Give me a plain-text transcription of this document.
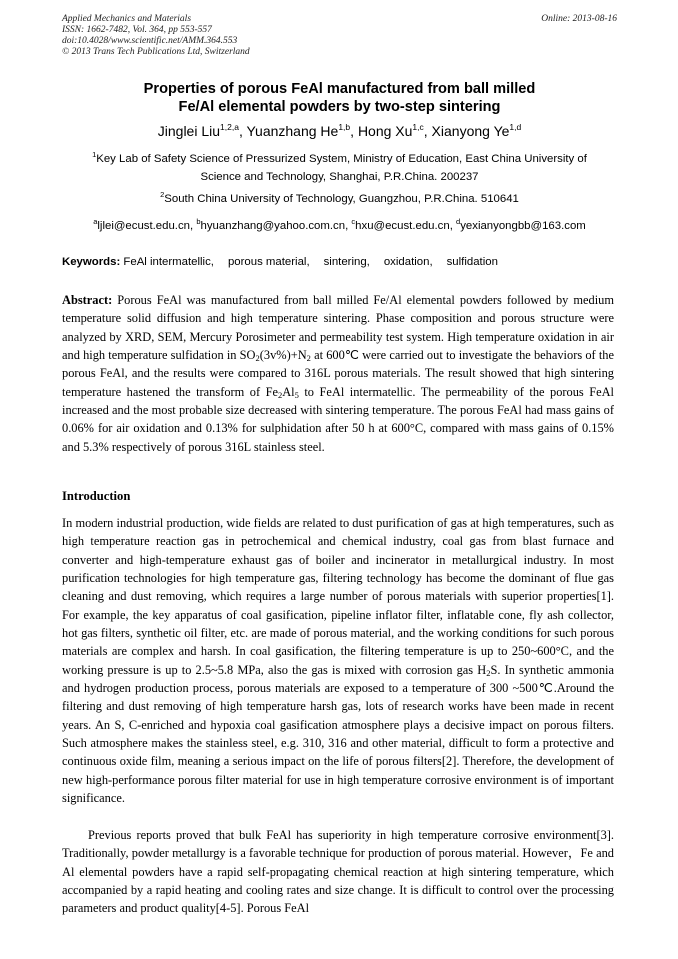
Applied Mechanics and Materials	Online: 2013-08-16
ISSN: 1662-7482, Vol. 364, pp 553-557
doi:10.4028/www.scientific.net/AMM.364.553
© 2013 Trans Tech Publications Ltd, Switzerland
Properties of porous FeAl manufactured from ball milled
Fe/Al elemental powders by two-step sintering
Jinglei Liu$^{1,2,a}$, Yuanzhang He$^{1,b}$, Hong Xu$^{1,c}$, Xianyong Ye$^{1,d}$
$^1$Key Lab of Safety Science of Pressurized System, Ministry of Education, East China University of
Science and Technology, Shanghai, P.R.China. 200237
$^2$South China University of Technology, Guangzhou, P.R.China. 510641
$^a$ljlei@ecust.edu.cn, $^b$hyuanzhang@yahoo.com.cn, $^c$hxu@ecust.edu.cn, $^d$yexianyongbb@163.com
Keywords: FeAl intermatellic, porous material, sintering, oxidation, sulfidation
Abstract: Porous FeAl was manufactured from ball milled Fe/Al elemental powders followed by medium temperature solid diffusion and high temperature sintering. Phase composition and porous structure were analyzed by XRD, SEM, Mercury Porosimeter and permeability test system. High temperature oxidation in air and high temperature sulfidation in $SO_2(3v\%)+N_2$ at 600℃ were carried out to investigate the behaviors of the porous FeAl, and the results were compared to 316L porous materials. The result showed that high sintering temperature hastened the transform of $Fe_2Al_5$ to FeAl intermatellic. The permeability of the porous FeAl increased and the most probable size decreased with sintering temperature. The porous FeAl had mass gains of 0.06% for air oxidation and 0.13% for sulphidation after 50 h at 600°C, compared with mass gains of 0.15% and 5.3% respectively of porous 316L stainless steel.
Introduction
In modern industrial production, wide fields are related to dust purification of gas at high temperatures, such as high temperature reaction gas in petrochemical and chemical industry, coal gas from blast furnace and converter and high-temperature exhaust gas of boiler and incinerator in metallurgical industry. In most purification technologies for high temperature gas, filtering technology has become the dominant of flue gas cleaning and dust removing, which requires a large number of porous materials with superior properties[1]. For example, the key apparatus of coal gasification, pipeline inflator filter, inflatable cone, fly ash collector, hot gas filters, synthetic oil filter, etc. are made of porous material, and the working conditions for such porous materials are complex and harsh. In coal gasification, the filtering temperature is up to 250~600°C, and the working pressure is up to 2.5~5.8 MPa, also the gas is mixed with corrosion gas $H_2S$. In synthetic ammonia and hydrogen production process, porous materials are exposed to a temperature of 300 ~500℃.Around the filtering and dust removing of high temperature harsh gas, lots of research works have been made in recent years. An S, C-enriched and hypoxia coal gasification atmosphere plays a decisive impact on porous filters. Such atmosphere makes the stainless steel, e.g. 310, 316 and other material, difficult to form a protective and continuous oxide film, meaning a serious impact on the life of porous filters[2]. Therefore, the development of new high-performance porous filter material for use in high temperature corrosive environment is of important significance.
Previous reports proved that bulk FeAl has superiority in high temperature corrosive environment[3]. Traditionally, powder metallurgy is a favorable technique for production of porous material. However，Fe and Al elemental powders have a rapid self-propagating chemical reaction at high sintering temperature, which accompanied by a rapid heating and cooling rates and size change. It is difficult to control over the processing parameters and product quality[4-5]. Porous FeAl
